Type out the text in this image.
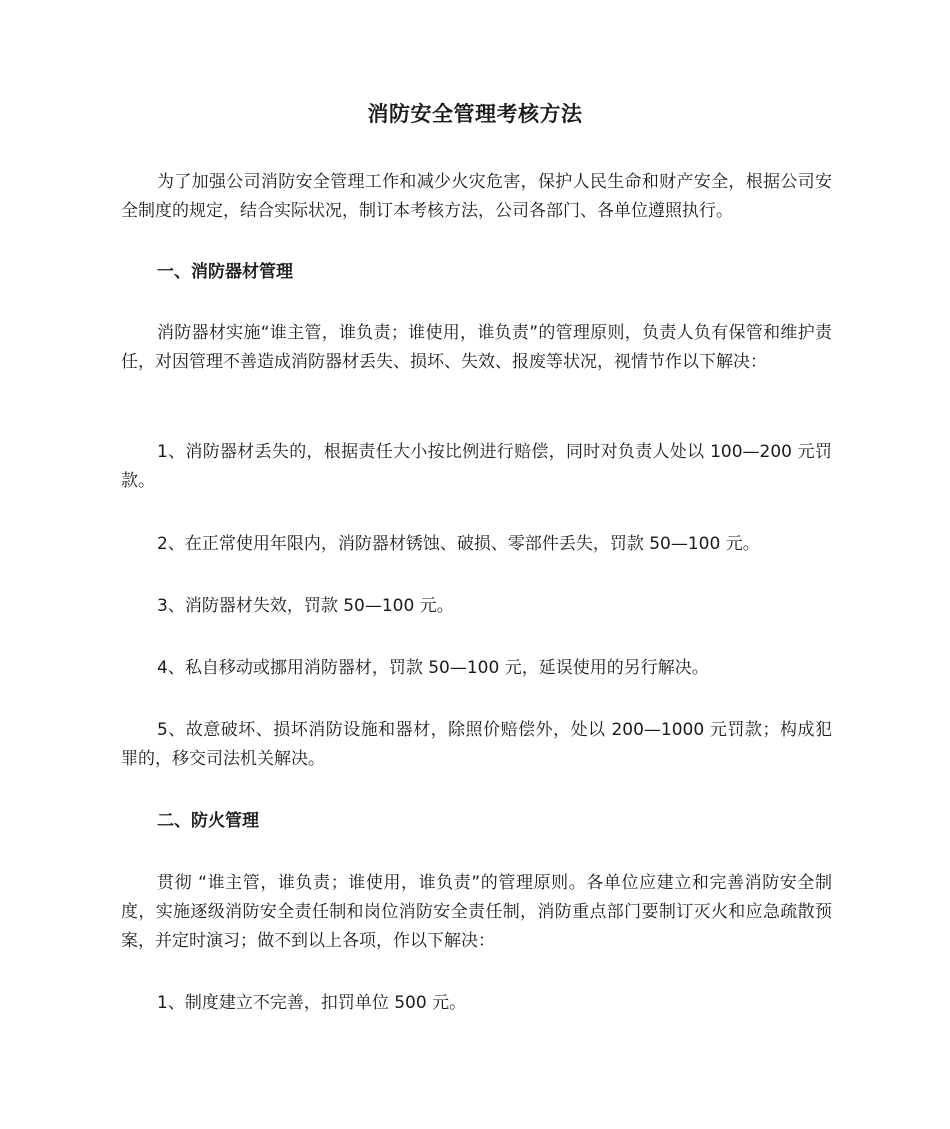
消防安全管理考核方法
为了加强公司消防安全管理工作和减少火灾危害，保护人民生命和财产安全，根据公司安全制度的规定，结合实际状况，制订本考核方法，公司各部门、各单位遵照执行。
一、消防器材管理
消防器材实施“谁主管，谁负责；谁使用，谁负责”的管理原则，负责人负有保管和维护责任，对因管理不善造成消防器材丢失、损坏、失效、报废等状况，视情节作以下解决：
1、消防器材丢失的，根据责任大小按比例进行赔偿，同时对负责人处以 100—200 元罚款。
2、在正常使用年限内，消防器材锈蚀、破损、零部件丢失，罚款 50—100 元。
3、消防器材失效，罚款 50—100 元。
4、私自移动或挪用消防器材，罚款 50—100 元，延误使用的另行解决。
5、故意破坏、损坏消防设施和器材，除照价赔偿外，处以 200—1000 元罚款；构成犯罪的，移交司法机关解决。
二、防火管理
贯彻 “谁主管，谁负责；谁使用，谁负责”的管理原则。各单位应建立和完善消防安全制度，实施逐级消防安全责任制和岗位消防安全责任制，消防重点部门要制订灭火和应急疏散预案，并定时演习；做不到以上各项，作以下解决：
1、制度建立不完善，扣罚单位 500 元。
